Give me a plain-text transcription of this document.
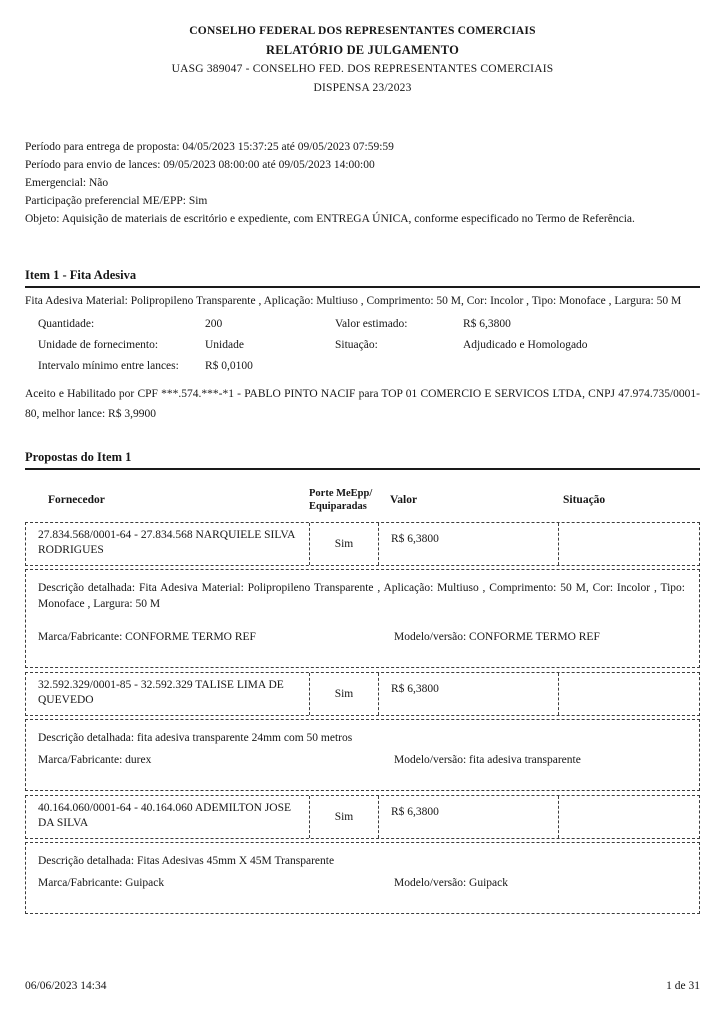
CONSELHO FEDERAL DOS REPRESENTANTES COMERCIAIS
RELATÓRIO DE JULGAMENTO
UASG 389047 - CONSELHO FED. DOS REPRESENTANTES COMERCIAIS
DISPENSA 23/2023
Período para entrega de proposta: 04/05/2023 15:37:25 até 09/05/2023 07:59:59
Período para envio de lances: 09/05/2023 08:00:00 até 09/05/2023 14:00:00
Emergencial: Não
Participação preferencial ME/EPP: Sim
Objeto: Aquisição de materiais de escritório e expediente, com ENTREGA ÚNICA, conforme especificado no Termo de Referência.
Item 1 - Fita Adesiva

Fita Adesiva Material: Polipropileno Transparente , Aplicação: Multiuso , Comprimento: 50 M, Cor: Incolor , Tipo: Monoface , Largura: 50 M

Quantidade:	200	Valor estimado:	R$ 6,3800
Unidade de fornecimento:	Unidade	Situação:	Adjudicado e Homologado
Intervalo mínimo entre lances:	R$ 0,0100

Aceito e Habilitado por CPF ***.574.***-*1 - PABLO PINTO NACIF para TOP 01 COMERCIO E SERVICOS LTDA, CNPJ 47.974.735/0001-80, melhor lance: R$ 3,9900

Propostas do Item 1
Fornecedor	Porte MeEpp/
Equiparadas
Valor	Situação
27.834.568/0001-64 - 27.834.568 NARQUIELE SILVA RODRIGUES	Sim	R$ 6,3800

Descrição detalhada: Fita Adesiva Material: Polipropileno Transparente , Aplicação: Multiuso , Comprimento: 50 M, Cor: Incolor , Tipo: Monoface , Largura: 50 M

Marca/Fabricante: CONFORME TERMO REF	Modelo/versão: CONFORME TERMO REF
32.592.329/0001-85 - 32.592.329 TALISE LIMA DE QUEVEDO	Sim	R$ 6,3800

Descrição detalhada: fita adesiva transparente 24mm com 50 metros

Marca/Fabricante: durex	Modelo/versão: fita adesiva transparente
40.164.060/0001-64 - 40.164.060 ADEMILTON JOSE DA SILVA	Sim	R$ 6,3800

Descrição detalhada: Fitas Adesivas 45mm X 45M Transparente

Marca/Fabricante: Guipack	Modelo/versão: Guipack
06/06/2023 14:34	1 de 31
